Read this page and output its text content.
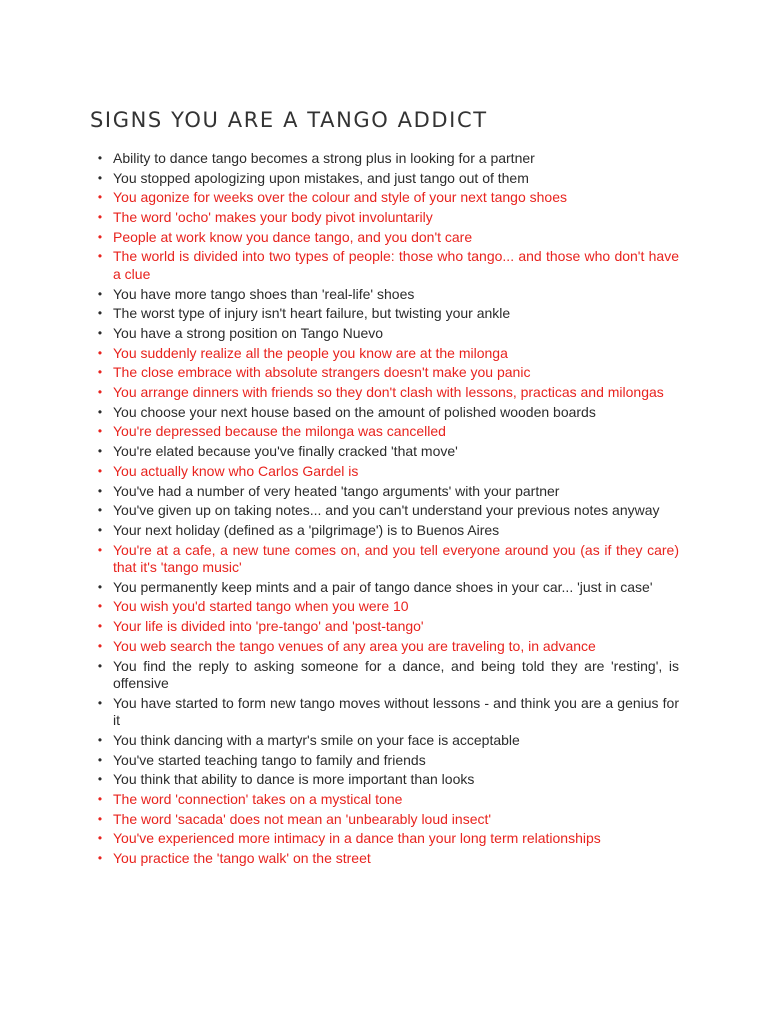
SIGNS YOU ARE A TANGO ADDICT
• Ability to dance tango becomes a strong plus in looking for a partner
• You stopped apologizing upon mistakes, and just tango out of them
• You agonize for weeks over the colour and style of your next tango shoes
• The word 'ocho' makes your body pivot involuntarily
• People at work know you dance tango, and you don't care
• The world is divided into two types of people: those who tango... and those who don't have a clue
• You have more tango shoes than 'real-life' shoes
• The worst type of injury isn't heart failure, but twisting your ankle
• You have a strong position on Tango Nuevo
• You suddenly realize all the people you know are at the milonga
• The close embrace with absolute strangers doesn't make you panic
• You arrange dinners with friends so they don't clash with lessons, practicas and milongas
• You choose your next house based on the amount of polished wooden boards
• You're depressed because the milonga was cancelled
• You're elated because you've finally cracked 'that move'
• You actually know who Carlos Gardel is
• You've had a number of very heated 'tango arguments' with your partner
• You've given up on taking notes... and you can't understand your previous notes anyway
• Your next holiday (defined as a 'pilgrimage') is to Buenos Aires
• You're at a cafe, a new tune comes on, and you tell everyone around you (as if they care) that it's 'tango music'
• You permanently keep mints and a pair of tango dance shoes in your car... 'just in case'
• You wish you'd started tango when you were 10
• Your life is divided into 'pre-tango' and 'post-tango'
• You web search the tango venues of any area you are traveling to, in advance
• You find the reply to asking someone for a dance, and being told they are 'resting', is offensive
• You have started to form new tango moves without lessons - and think you are a genius for it
• You think dancing with a martyr's smile on your face is acceptable
• You've started teaching tango to family and friends
• You think that ability to dance is more important than looks
• The word 'connection' takes on a mystical tone
• The word 'sacada' does not mean an 'unbearably loud insect'
• You've experienced more intimacy in a dance than your long term relationships
• You practice the 'tango walk' on the street
